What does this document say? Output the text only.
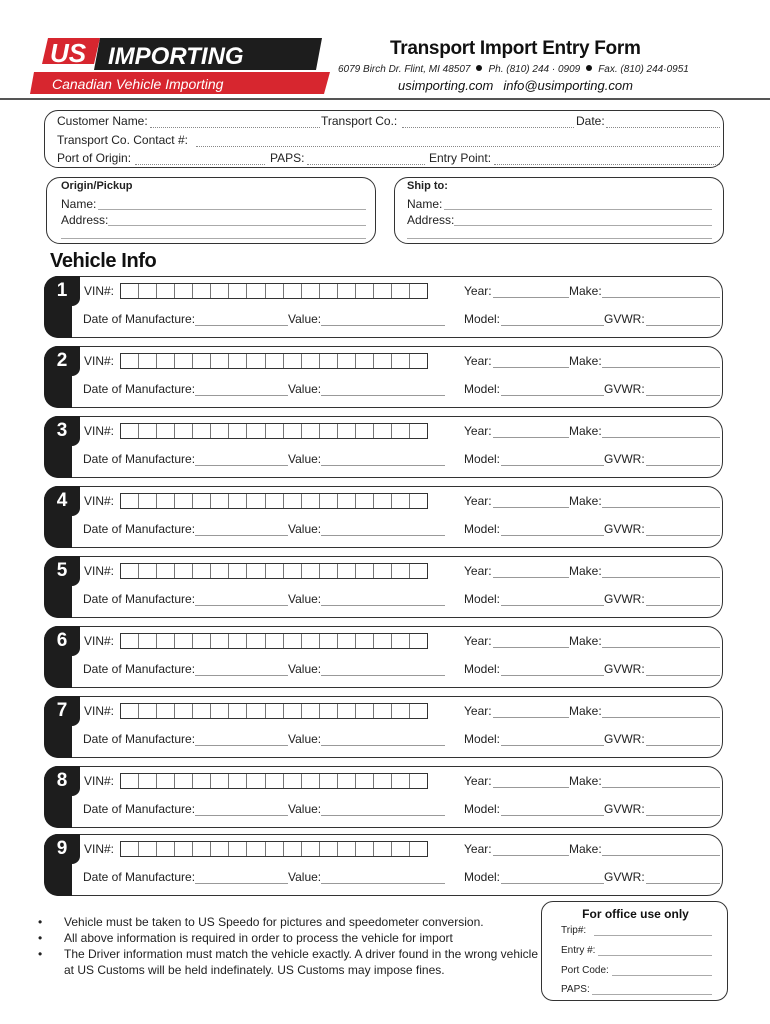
US IMPORTING
Canadian Vehicle Importing
Transport Import Entry Form
6079 Birch Dr. Flint, MI 48507 Ph. (810) 244 · 0909 Fax. (810) 244·0951
usimporting.com info@usimporting.com
Customer Name:	Transport Co.:	Date:
Transport Co. Contact #:
Port of Origin:	PAPS:	Entry Point:
Origin/Pickup
Name:
Address:
Ship to:
Name:
Address:
Vehicle Info
1	VIN#:	Year:	Make:
Date of Manufacture:	Value:	Model:	GVWR:
2	VIN#:	Year:	Make:
Date of Manufacture:	Value:	Model:	GVWR:
3	VIN#:	Year:	Make:
Date of Manufacture:	Value:	Model:	GVWR:
4	VIN#:	Year:	Make:
Date of Manufacture:	Value:	Model:	GVWR:
5	VIN#:	Year:	Make:
Date of Manufacture:	Value:	Model:	GVWR:
6	VIN#:	Year:	Make:
Date of Manufacture:	Value:	Model:	GVWR:
7	VIN#:	Year:	Make:
Date of Manufacture:	Value:	Model:	GVWR:
8	VIN#:	Year:	Make:
Date of Manufacture:	Value:	Model:	GVWR:
9	VIN#:	Year:	Make:
Date of Manufacture:	Value:	Model:	GVWR:
• Vehicle must be taken to US Speedo for pictures and speedometer conversion.
• All above information is required in order to process the vehicle for import
• The Driver information must match the vehicle exactly. A driver found in the wrong vehicle at US Customs will be held indefinately. US Customs may impose fines.
For office use only
Trip#:
Entry #:
Port Code:
PAPS:
